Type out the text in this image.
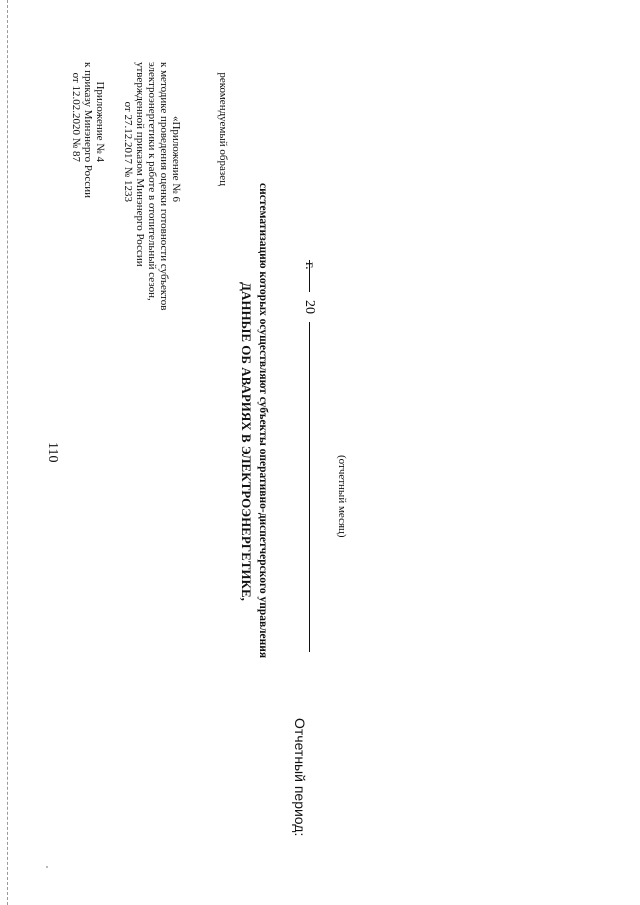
110
Приложение № 4
к приказу Минэнерго России
от 12.02.2020 № 87	«Приложение № 6
к методике проведения оценки готовности субъектов
электроэнергетики к работе в отопительный сезон,
утвержденной приказом Минэнерго России
от 27.12.2017 № 1233	рекомендуемый образец
ДАННЫЕ ОБ АВАРИЯХ В ЭЛЕКТРОЭНЕРГЕТИКЕ, систематизацию которых осуществляют субъекты оперативно-диспетчерского управления
Отчетный период:
20
г.
(отчетный месяц)
